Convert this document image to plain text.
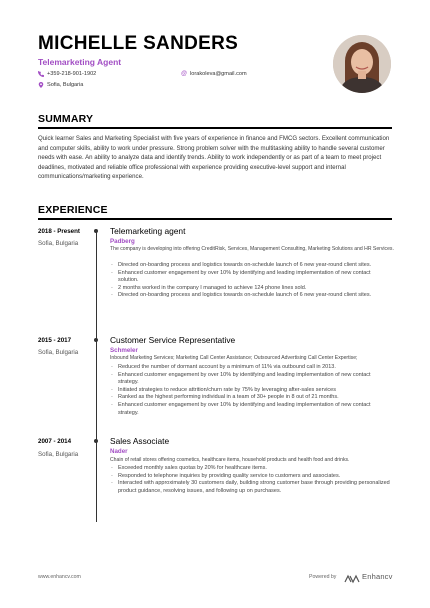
MICHELLE SANDERS
Telemarketing Agent
+359-218-901-1902	@ lorakoleva@gmail.com
Sofia, Bulgaria
SUMMARY
Quick learner Sales and Marketing Specialist with five years of experience in finance and FMCG sectors. Excellent communication and computer skills, ability to work under pressure. Strong problem solver with the multitasking ability to handle several customer needs with ease. An ability to analyze data and identify trends. Ability to work independently or as part of a team to meet project deadlines, motivated and reliable office professional with experience providing executive-level support and internal communications/marketing experience.
EXPERIENCE
2018 - Present
Sofia, Bulgaria
Telemarketing agent
Padberg
The company is developing into offering CreditRisk, Services, Management Consulting, Marketing Solutions and HR Services.
- Directed on-boarding process and logistics towards on-schedule launch of 6 new year-round client sites.
- Enhanced customer engagement by over 10% by identifying and leading implementation of new contact solution.
- 2 months worked in the company I managed to achieve 124 phone lines sold.
- Directed on-boarding process and logistics towards on-schedule launch of 6 new year-round client sites.
2015 - 2017
Sofia, Bulgaria
Customer Service Representative
Schmeler
Inbound Marketing Services; Marketing Call Center Assistance; Outsourced Advertising Call Center Expertise;
- Reduced the number of dormant account by a minimum of 11% via outbound call in 2013.
- Enhanced customer engagement by over 10% by identifying and leading implementation of new contact strategy.
- Initiated strategies to reduce attrition/churn rate by 75% by leveraging after-sales services
- Ranked as the highest performing individual in a team of 30+ people in 8 out of 21 months.
- Enhanced customer engagement by over 10% by identifying and leading implementation of new contact strategy.
2007 - 2014
Sofia, Bulgaria
Sales Associate
Nader
Chain of retail stores offering cosmetics, healthcare items, household products and health food and drinks.
- Exceeded monthly sales quotas by 20% for healthcare items.
- Responded to telephone inquiries by providing quality service to customers and associates.
- Interacted with approximately 30 customers daily, building strong customer base through providing personalized product guidance, resolving issues, and following up on purchases.
www.enhancv.com	Powered by	Enhancv
